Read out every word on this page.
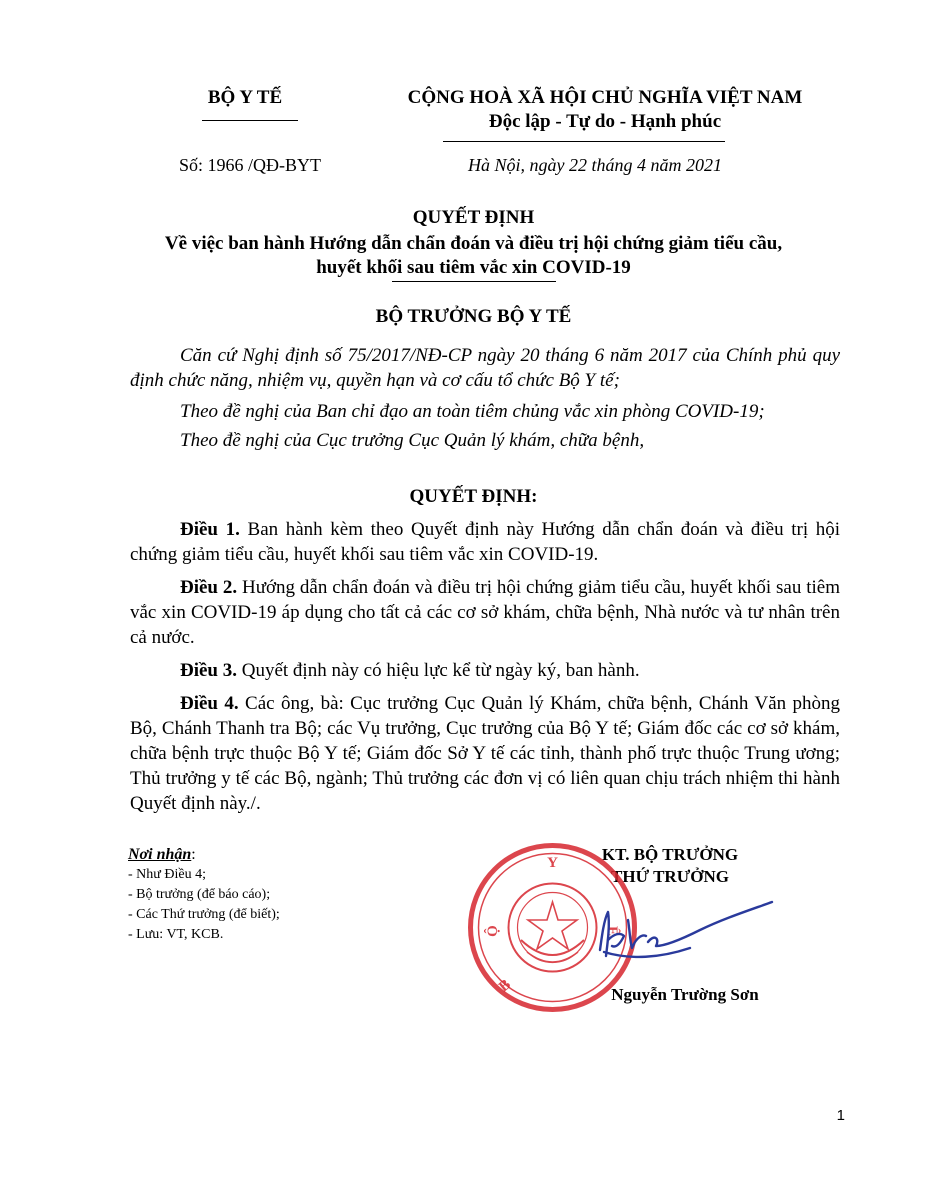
BỘ Y TẾ	CỘNG HOÀ XÃ HỘI CHỦ NGHĨA VIỆT NAM
Độc lập - Tự do - Hạnh phúc
Số: 1966 /QĐ-BYT	Hà Nội, ngày 22 tháng 4 năm 2021
QUYẾT ĐỊNH
Về việc ban hành Hướng dẫn chẩn đoán và điều trị hội chứng giảm tiểu cầu,
huyết khối sau tiêm vắc xin COVID-19
BỘ TRƯỞNG BỘ Y TẾ

Căn cứ Nghị định số 75/2017/NĐ-CP ngày 20 tháng 6 năm 2017 của Chính phủ quy định chức năng, nhiệm vụ, quyền hạn và cơ cấu tổ chức Bộ Y tế;

Theo đề nghị của Ban chỉ đạo an toàn tiêm chủng vắc xin phòng COVID-19;

Theo đề nghị của Cục trưởng Cục Quản lý khám, chữa bệnh,

QUYẾT ĐỊNH:

Điều 1. Ban hành kèm theo Quyết định này Hướng dẫn chẩn đoán và điều trị hội chứng giảm tiểu cầu, huyết khối sau tiêm vắc xin COVID-19.

Điều 2. Hướng dẫn chẩn đoán và điều trị hội chứng giảm tiểu cầu, huyết khối sau tiêm vắc xin COVID-19 áp dụng cho tất cả các cơ sở khám, chữa bệnh, Nhà nước và tư nhân trên cả nước.

Điều 3. Quyết định này có hiệu lực kể từ ngày ký, ban hành.

Điều 4. Các ông, bà: Cục trưởng Cục Quản lý Khám, chữa bệnh, Chánh Văn phòng Bộ, Chánh Thanh tra Bộ; các Vụ trưởng, Cục trưởng của Bộ Y tế; Giám đốc các cơ sở khám, chữa bệnh trực thuộc Bộ Y tế; Giám đốc Sở Y tế các tỉnh, thành phố trực thuộc Trung ương; Thủ trưởng y tế các Bộ, ngành; Thủ trưởng các đơn vị có liên quan chịu trách nhiệm thi hành Quyết định này./.

Nơi nhận:
- Như Điều 4;
- Bộ trưởng (để báo cáo);
- Các Thứ trưởng (để biết);
- Lưu: VT, KCB.
KT. BỘ TRƯỞNG
THỨ TRƯỞNG
Y
Ộ
B
Ế
Nguyễn Trường Sơn
1
